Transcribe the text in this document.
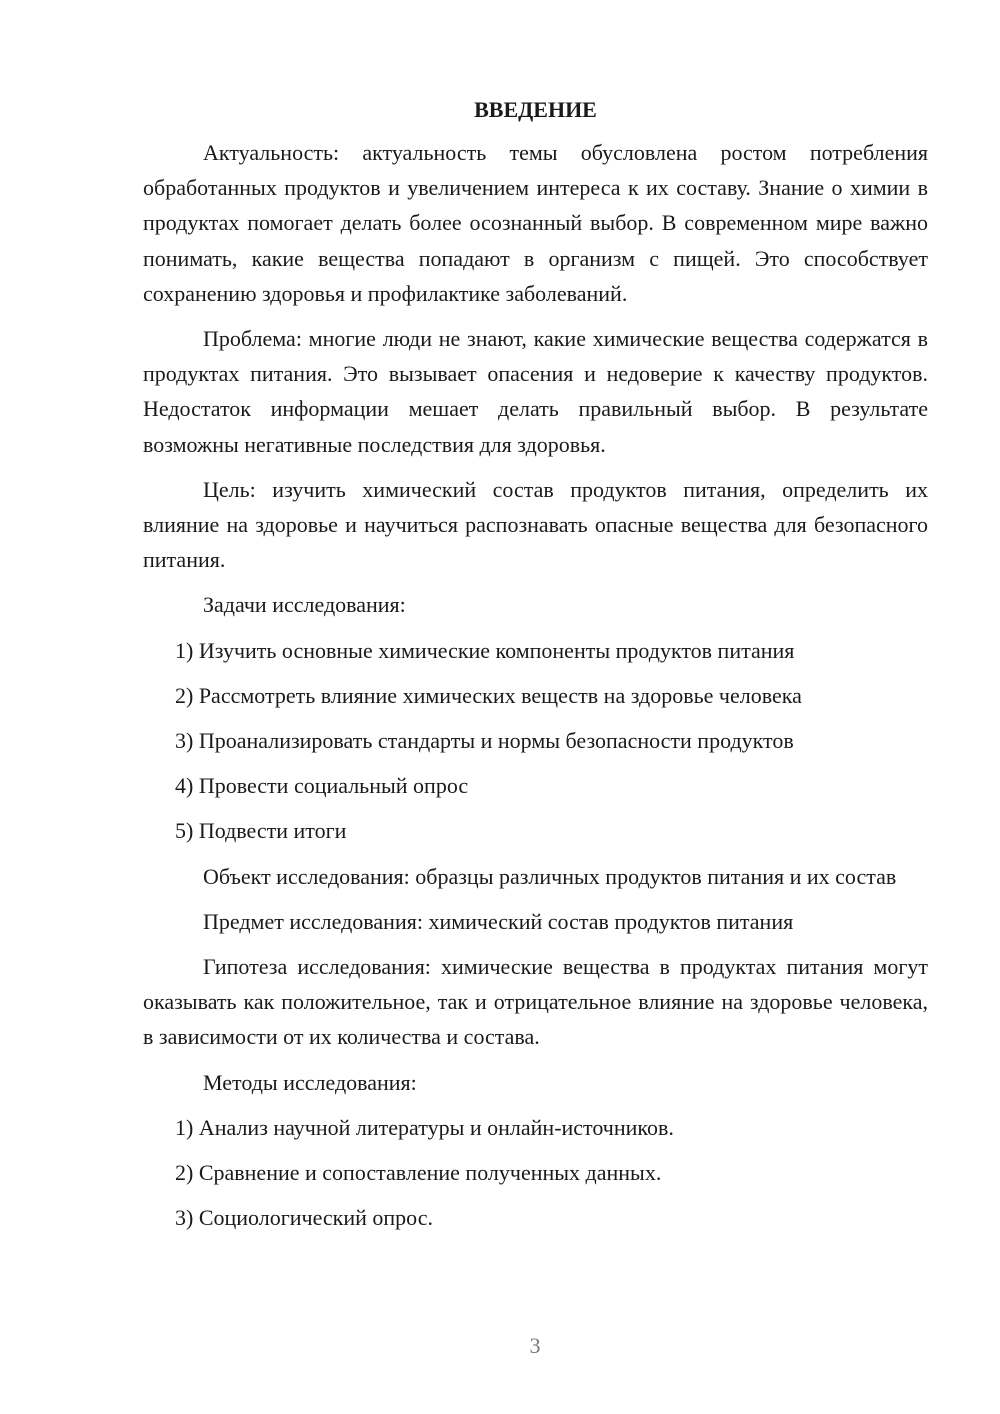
ВВЕДЕНИЕ
Актуальность: актуальность темы обусловлена ростом потребления обработанных продуктов и увеличением интереса к их составу. Знание о химии в продуктах помогает делать более осознанный выбор. В современном мире важно понимать, какие вещества попадают в организм с пищей. Это способствует сохранению здоровья и профилактике заболеваний.
Проблема: многие люди не знают, какие химические вещества содержатся в продуктах питания. Это вызывает опасения и недоверие к качеству продуктов. Недостаток информации мешает делать правильный выбор. В результате возможны негативные последствия для здоровья.
Цель: изучить химический состав продуктов питания, определить их влияние на здоровье и научиться распознавать опасные вещества для безопасного питания.
Задачи исследования:
1) Изучить основные химические компоненты продуктов питания
2) Рассмотреть влияние химических веществ на здоровье человека
3) Проанализировать стандарты и нормы безопасности продуктов
4) Провести социальный опрос
5) Подвести итоги
Объект исследования: образцы различных продуктов питания и их состав
Предмет исследования: химический состав продуктов питания
Гипотеза исследования: химические вещества в продуктах питания могут оказывать как положительное, так и отрицательное влияние на здоровье человека, в зависимости от их количества и состава.
Методы исследования:
1) Анализ научной литературы и онлайн-источников.
2) Сравнение и сопоставление полученных данных.
3) Социологический опрос.
3
